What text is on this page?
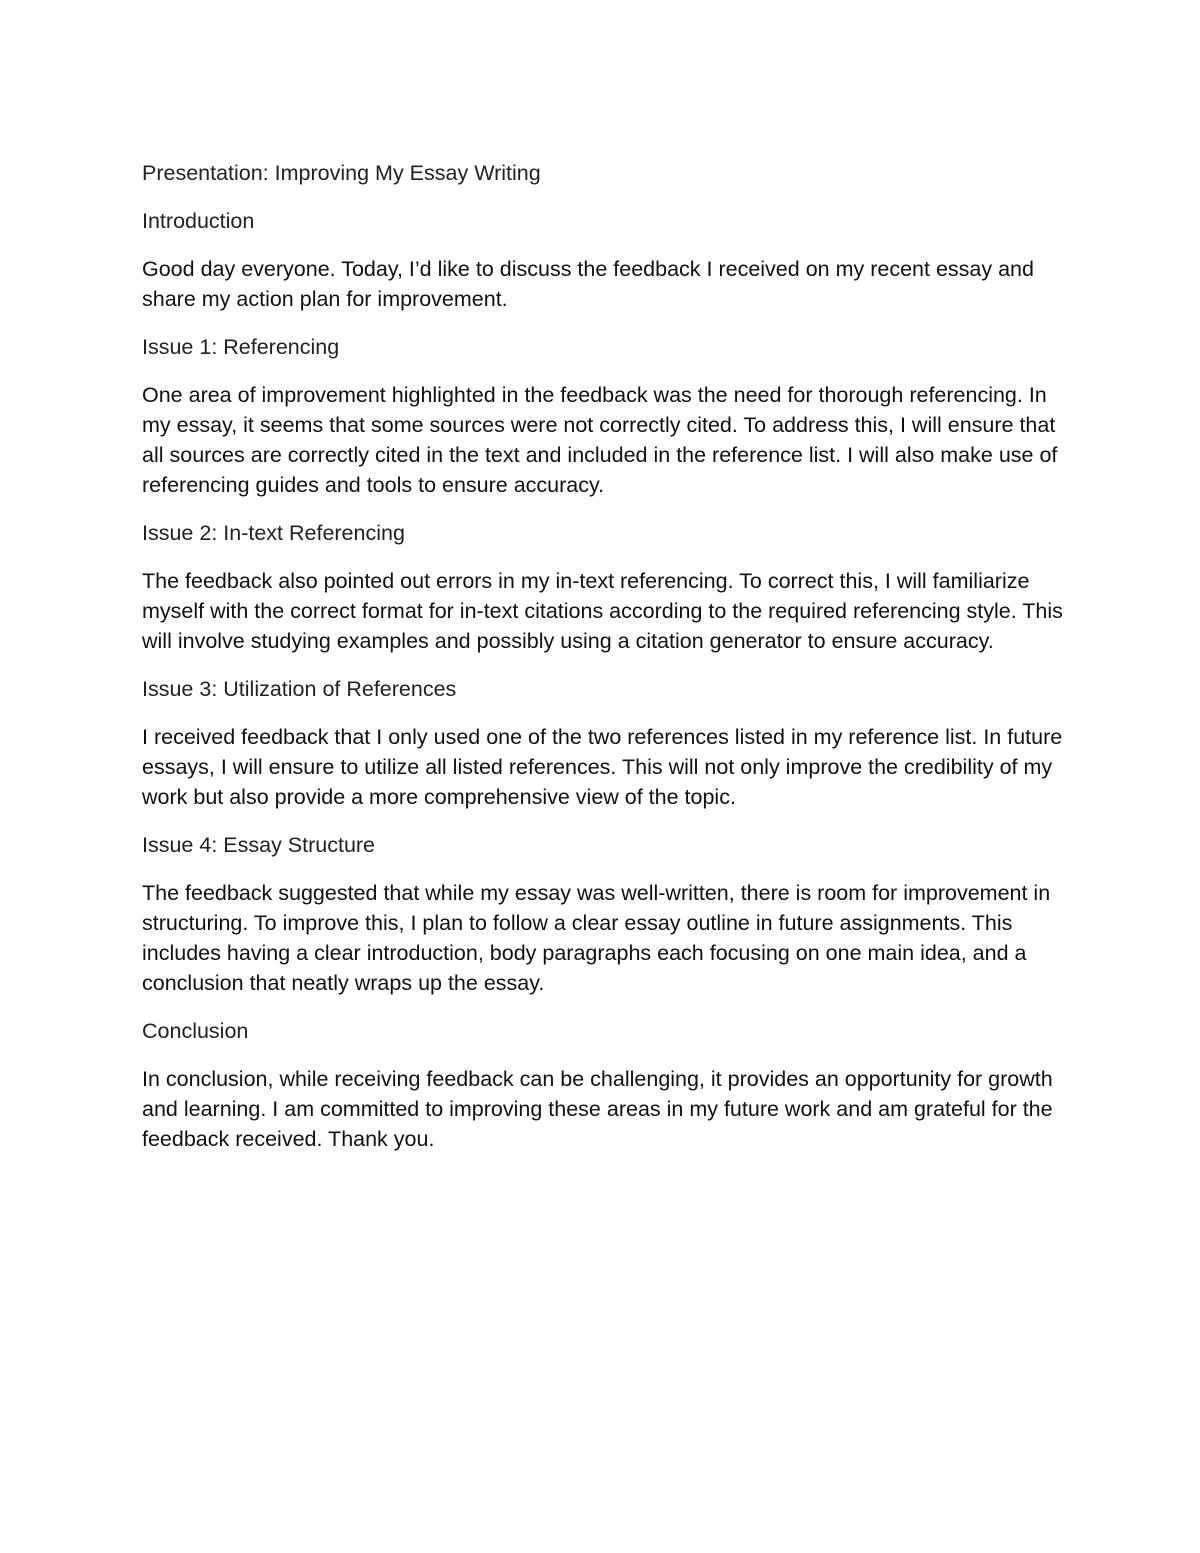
Presentation: Improving My Essay Writing

Introduction

Good day everyone. Today, I’d like to discuss the feedback I received on my recent essay and share my action plan for improvement.

Issue 1: Referencing

One area of improvement highlighted in the feedback was the need for thorough referencing. In my essay, it seems that some sources were not correctly cited. To address this, I will ensure that all sources are correctly cited in the text and included in the reference list. I will also make use of referencing guides and tools to ensure accuracy.

Issue 2: In-text Referencing

The feedback also pointed out errors in my in-text referencing. To correct this, I will familiarize myself with the correct format for in-text citations according to the required referencing style. This will involve studying examples and possibly using a citation generator to ensure accuracy.

Issue 3: Utilization of References

I received feedback that I only used one of the two references listed in my reference list. In future essays, I will ensure to utilize all listed references. This will not only improve the credibility of my work but also provide a more comprehensive view of the topic.

Issue 4: Essay Structure

The feedback suggested that while my essay was well-written, there is room for improvement in structuring. To improve this, I plan to follow a clear essay outline in future assignments. This includes having a clear introduction, body paragraphs each focusing on one main idea, and a conclusion that neatly wraps up the essay.

Conclusion

In conclusion, while receiving feedback can be challenging, it provides an opportunity for growth and learning. I am committed to improving these areas in my future work and am grateful for the feedback received. Thank you.
